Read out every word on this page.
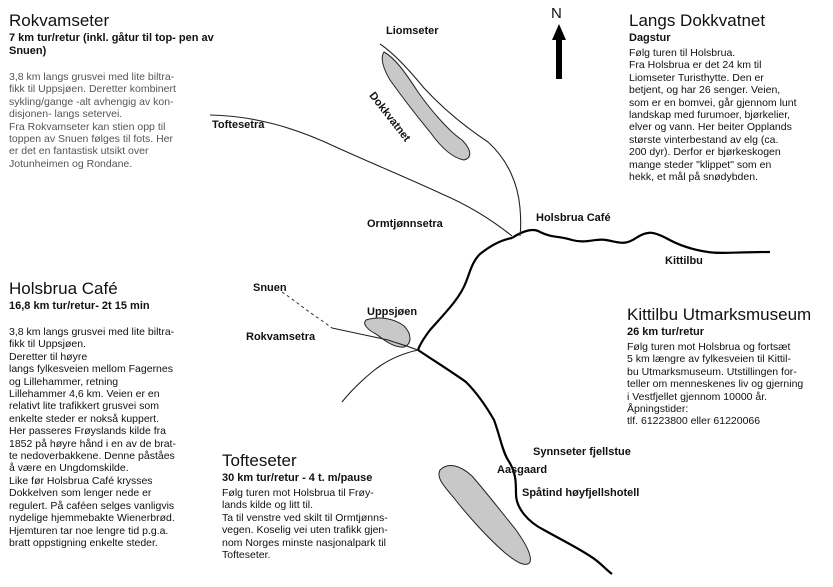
N
Liomseter
Dokkvatnet
Toftesetra
Ormtjønnsetra	Holsbrua Café
Kittilbu
Snuen
Uppsjøen
Rokvamsetra
Synnseter fjellstue
Aasgaard
Spåtind høyfjellshotell
Rokvamseter
7 km tur/retur (inkl. gåtur til top- pen av Snuen)
3,8 km langs grusvei med lite biltra-
fikk til Uppsjøen. Deretter kombinert
sykling/gange -alt avhengig av kon-
disjonen- langs setervei.
Fra Rokvamseter kan stien opp til
toppen av Snuen følges til fots. Her
er det en fantastisk utsikt over
Jotunheimen og Rondane.
Langs Dokkvatnet
Dagstur
Følg turen til Holsbrua.
Fra Holsbrua er det 24 km til
Liomseter Turisthytte. Den er
betjent, og har 26 senger. Veien,
som er en bomvei, går gjennom lunt
landskap med furumoer, bjørkelier,
elver og vann. Her beiter Opplands
største vinterbestand av elg (ca.
200 dyr). Derfor er bjørkeskogen
mange steder "klippet" som en
hekk, et mål på snødybden.
Holsbrua Café
16,8 km tur/retur- 2t 15 min
3,8 km langs grusvei med lite biltra-
fikk til Uppsjøen.
Deretter til høyre
langs fylkesveien mellom Fagernes
og Lillehammer, retning
Lillehammer 4,6 km. Veien er en
relativt lite trafikkert grusvei som
enkelte steder er nokså kuppert.
Her passeres Frøyslands kilde fra
1852 på høyre hånd i en av de brat-
te nedoverbakkene. Denne påståes
å være en Ungdomskilde.
Like før Holsbrua Café krysses
Dokkelven som lenger nede er
regulert. På caféen selges vanligvis
nydelige hjemmebakte Wienerbrød.
Hjemturen tar noe lengre tid p.g.a.
bratt oppstigning enkelte steder.
Kittilbu Utmarksmuseum
26 km tur/retur
Følg turen mot Holsbrua og fortsæt
5 km længre av fylkesveien til Kittil-
bu Utmarksmuseum. Utstillingen for-
teller om menneskenes liv og gjerning
i Vestfjellet gjennom 10000 år.
Åpningstider:
tlf. 61223800 eller 61220066
Tofteseter
30 km tur/retur - 4 t. m/pause
Følg turen mot Holsbrua til Frøy-
lands kilde og litt til.
Ta til venstre ved skilt til Ormtjønns-
vegen. Koselig vei uten trafikk gjen-
nom Norges minste nasjonalpark til
Tofteseter.
